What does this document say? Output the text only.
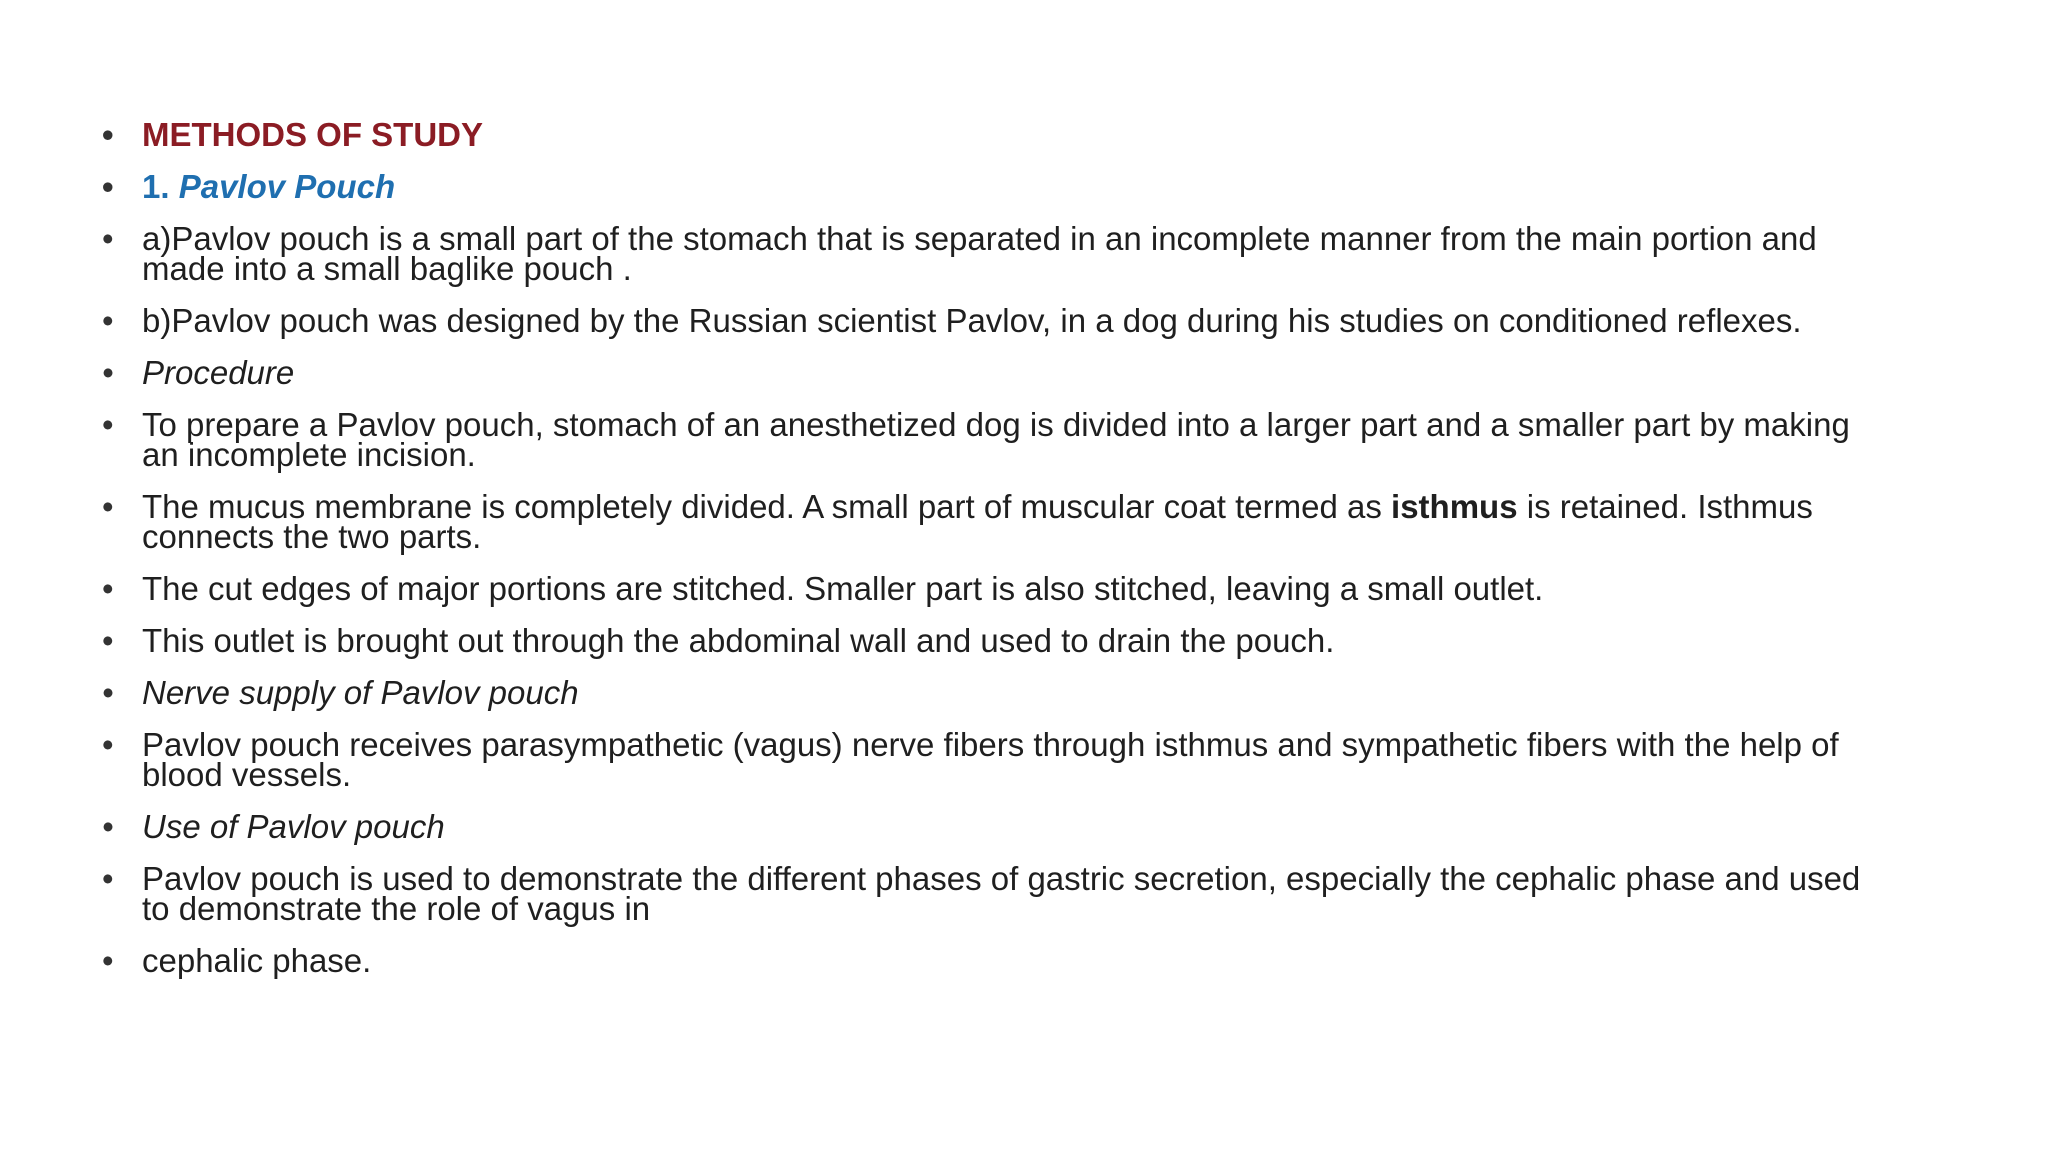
• METHODS OF STUDY
• 1. Pavlov Pouch
• a)Pavlov pouch is a small part of the stomach that is separated in an incomplete manner from the main portion and made into a small baglike pouch .
• b)Pavlov pouch was designed by the Russian scientist Pavlov, in a dog during his studies on conditioned reflexes.
• Procedure
• To prepare a Pavlov pouch, stomach of an anesthetized dog is divided into a larger part and a smaller part by making an incomplete incision.
• The mucus membrane is completely divided. A small part of muscular coat termed as isthmus is retained. Isthmus connects the two parts.
• The cut edges of major portions are stitched. Smaller part is also stitched, leaving a small outlet.
• This outlet is brought out through the abdominal wall and used to drain the pouch.
• Nerve supply of Pavlov pouch
• Pavlov pouch receives parasympathetic (vagus) nerve fibers through isthmus and sympathetic fibers with the help of blood vessels.
• Use of Pavlov pouch
• Pavlov pouch is used to demonstrate the different phases of gastric secretion, especially the cephalic phase and used to demonstrate the role of vagus in
• cephalic phase.
